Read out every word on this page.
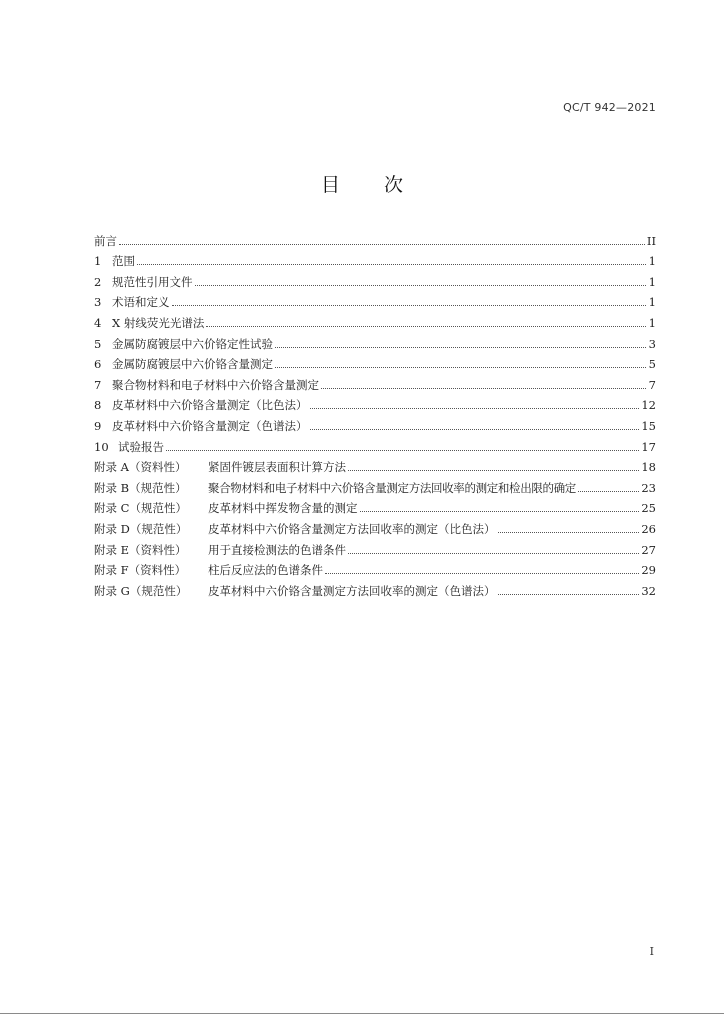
QC/T 942—2021
目 次
前言	II
1 范围	1
2 规范性引用文件	1
3 术语和定义	1
4 X 射线荧光光谱法	1
5 金属防腐镀层中六价铬定性试验	3
6 金属防腐镀层中六价铬含量测定	5
7 聚合物材料和电子材料中六价铬含量测定	7
8 皮革材料中六价铬含量测定（比色法）	12
9 皮革材料中六价铬含量测定（色谱法）	15
10 试验报告	17
附录 A（资料性）	紧固件镀层表面积计算方法	18
附录 B（规范性）	聚合物材料和电子材料中六价铬含量测定方法回收率的测定和检出限的确定	23
附录 C（规范性）	皮革材料中挥发物含量的测定	25
附录 D（规范性）	皮革材料中六价铬含量测定方法回收率的测定（比色法）	26
附录 E（资料性）	用于直接检测法的色谱条件	27
附录 F（资料性）	柱后反应法的色谱条件	29
附录 G（规范性）	皮革材料中六价铬含量测定方法回收率的测定（色谱法）	32
I
